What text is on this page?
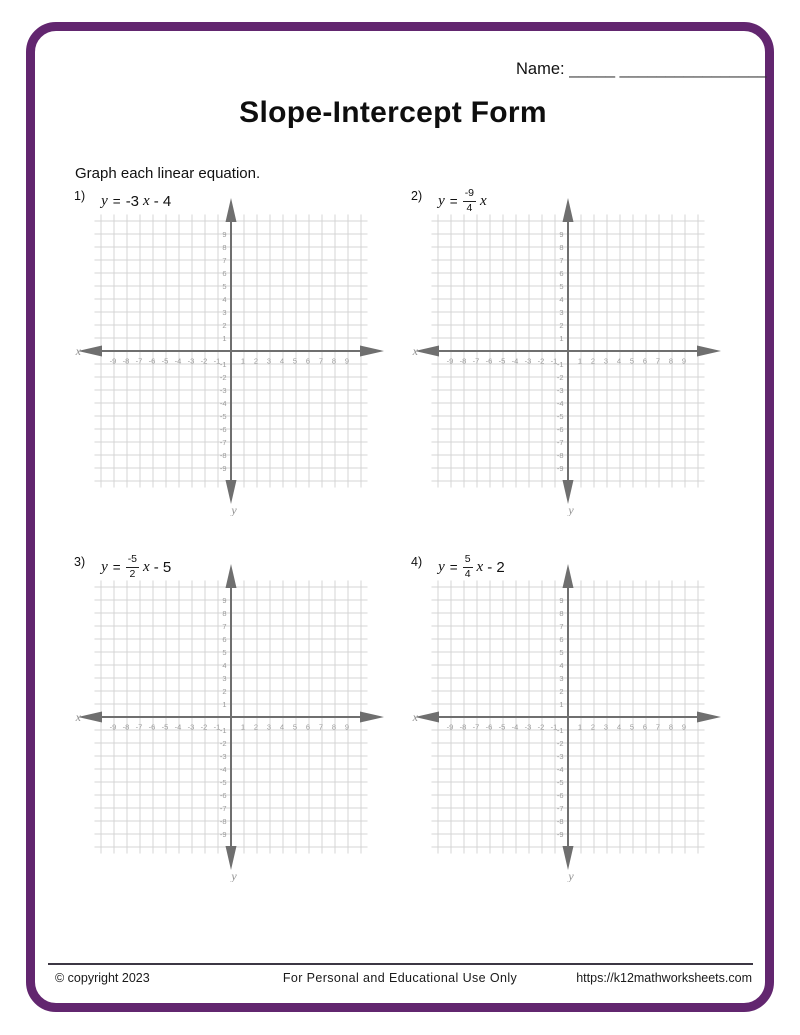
Name: _____ ________________
Slope-Intercept Form
Graph each linear equation.
1) y = -3 x - 4
-9 -8 -7 -6 -5 -4 -3 -2 -1	1 2 3 4 5 6 7 8 9
9
8
7
6
5
4
3
2
1
-1
-2
-3
-4
-5
-6
-7
-8
-9
x
y
2) $y = \frac{-9}{4}$ x
-9 -8 -7 -6 -5 -4 -3 -2 -1	1 2 3 4 5 6 7 8 9
9
8
7
6
5
4
3
2
1
-1
-2
-3
-4
-5
-6
-7
-8
-9
x
y
3) $y = \frac{-5}{2}$ x - 5
-9 -8 -7 -6 -5 -4 -3 -2 -1	1 2 3 4 5 6 7 8 9
9
8
7
6
5
4
3
2
1
-1
-2
-3
-4
-5
-6
-7
-8
-9
x
y
4) $y = \frac{5}{4}$ x - 2
-9 -8 -7 -6 -5 -4 -3 -2 -1	1 2 3 4 5 6 7 8 9
9
8
7
6
5
4
3
2
1
-1
-2
-3
-4
-5
-6
-7
-8
-9
x
y
© copyright 2023	For Personal and Educational Use Only	https://k12mathworksheets.com
